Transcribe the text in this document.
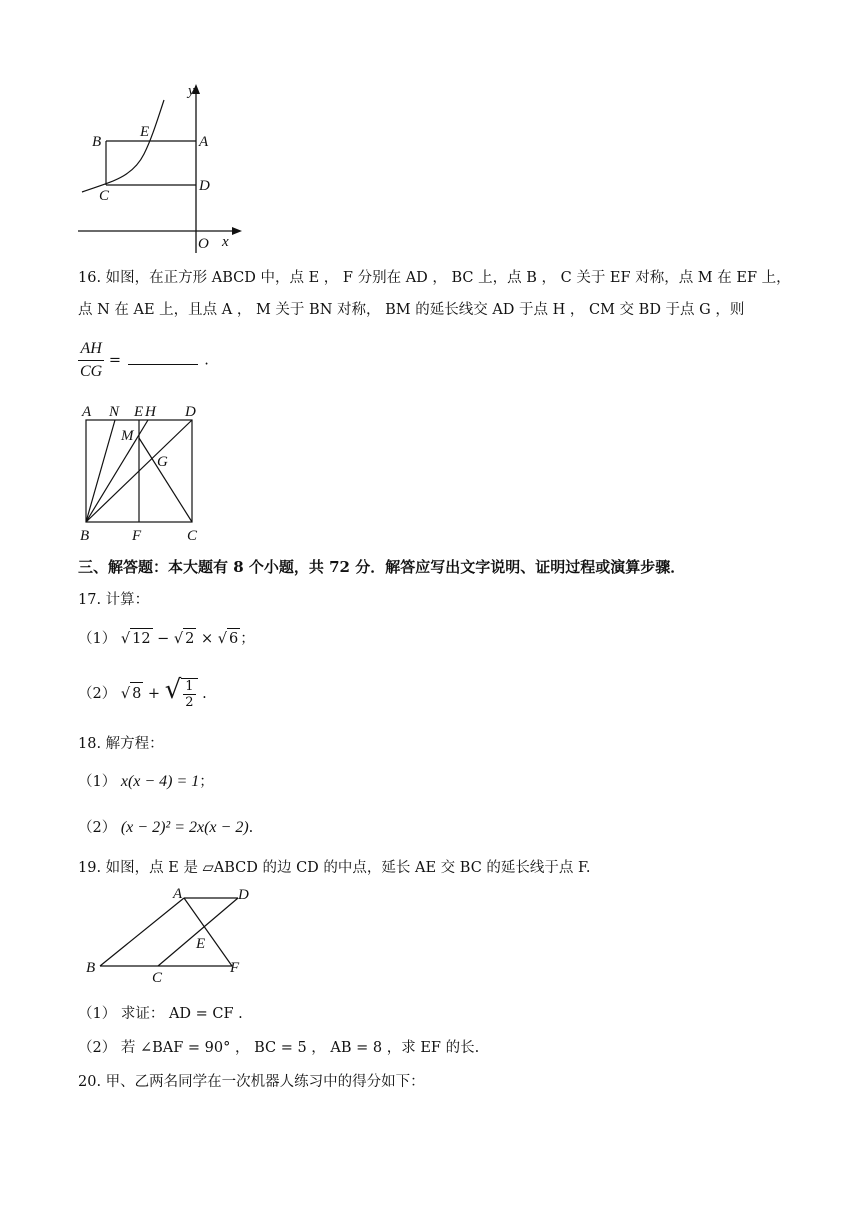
y
x
O
B
E
A
C
D
16. 如图，在正方形 ABCD 中，点 E ， F 分别在 AD ， BC 上，点 B ， C 关于 EF 对称，点 M 在 EF 上，
点 N 在 AE 上，且点 A ， M 关于 BN 对称， BM 的延长线交 AD 于点 H ， CM 交 BD 于点 G ，则
$\frac{AH}{CG}$ =	.
A N E H D
M
G
B	F	C
三、解答题：本大题有 8 个小题，共 72 分．解答应写出文字说明、证明过程或演算步骤．
17. 计算：
（1） √ 12 − √ 2 × √ 6 ；
（2） √ 8 + √ $\frac{1}{2}$ .
18. 解方程：
（1） x(x − 4) = 1；
（2） (x − 2)² = 2x(x − 2).
19. 如图，点 E 是 ▱ABCD 的边 CD 的中点，延长 AE 交 BC 的延长线于点 F.
A	D
E
B
C
F
（1） 求证： AD = CF .
（2） 若 ∠BAF = 90° ， BC = 5 ， AB = 8 ，求 EF 的长.
20. 甲、乙两名同学在一次机器人练习中的得分如下：
